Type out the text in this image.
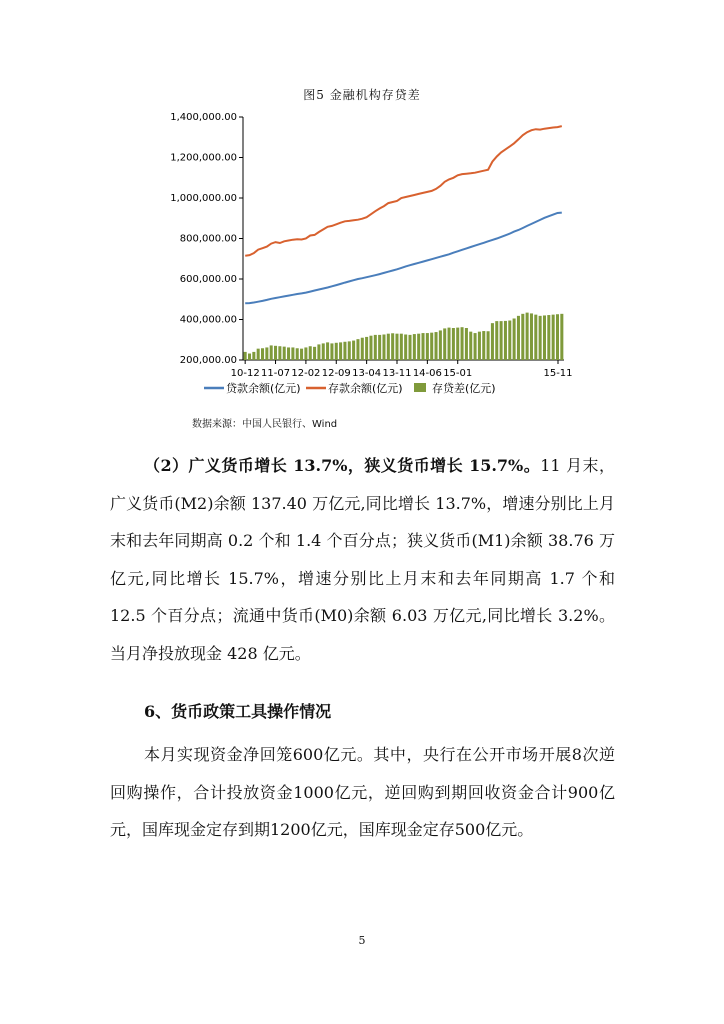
图5 金融机构存贷差
200,000.00
400,000.00
600,000.00
800,000.00
1,000,000.00
1,200,000.00
1,400,000.00
10-12 11-07 12-02 12-09 13-04 13-11 14-06 15-01	15-11
贷款余额(亿元) 存款余额(亿元)	存贷差(亿元)
数据来源：中国人民银行、Wind
（2）广义货币增长 13.7%，狭义货币增长 15.7%。11 月末，广义货币(M2)余额 137.40 万亿元,同比增长 13.7%，增速分别比上月末和去年同期高 0.2 个和 1.4 个百分点；狭义货币(M1)余额 38.76 万亿元,同比增长 15.7%，增速分别比上月末和去年同期高 1.7 个和 12.5 个百分点；流通中货币(M0)余额 6.03 万亿元,同比增长 3.2%。当月净投放现金 428 亿元。
6、货币政策工具操作情况
本月实现资金净回笼600亿元。其中，央行在公开市场开展8次逆回购操作，合计投放资金1000亿元，逆回购到期回收资金合计900亿元，国库现金定存到期1200亿元，国库现金定存500亿元。
5
